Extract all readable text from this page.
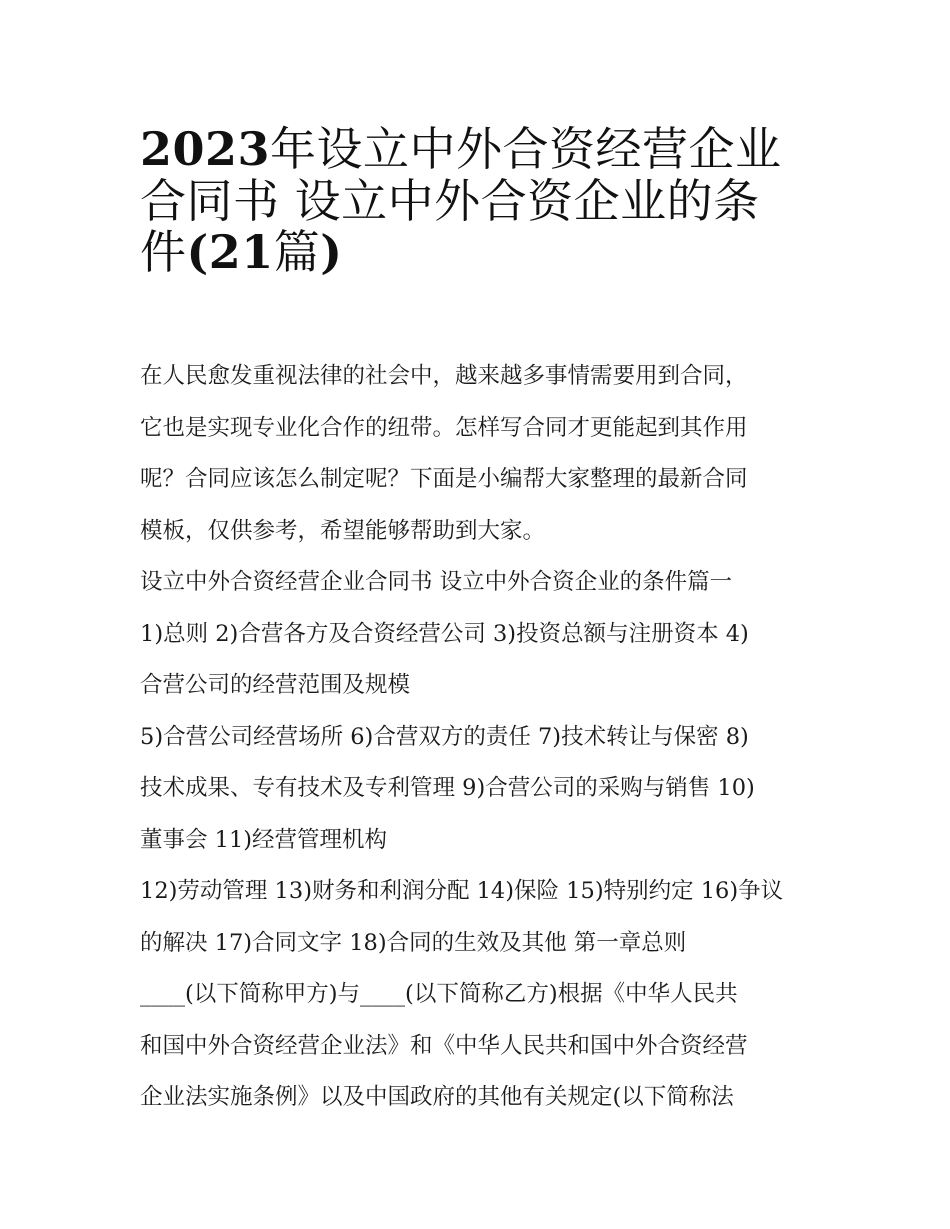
2023年设立中外合资经营企业
合同书 设立中外合资企业的条
件(21篇)
在人民愈发重视法律的社会中，越来越多事情需要用到合同，
它也是实现专业化合作的纽带。怎样写合同才更能起到其作用
呢？合同应该怎么制定呢？下面是小编帮大家整理的最新合同
模板，仅供参考，希望能够帮助到大家。
设立中外合资经营企业合同书 设立中外合资企业的条件篇一
1)总则 2)合营各方及合资经营公司 3)投资总额与注册资本 4)
合营公司的经营范围及规模
5)合营公司经营场所 6)合营双方的责任 7)技术转让与保密 8)
技术成果、专有技术及专利管理 9)合营公司的采购与销售 10)
董事会 11)经营管理机构
12)劳动管理 13)财务和利润分配 14)保险 15)特别约定 16)争议
的解决 17)合同文字 18)合同的生效及其他 第一章总则
____(以下简称甲方)与____(以下简称乙方)根据《中华人民共
和国中外合资经营企业法》和《中华人民共和国中外合资经营
企业法实施条例》以及中国政府的其他有关规定(以下简称法
